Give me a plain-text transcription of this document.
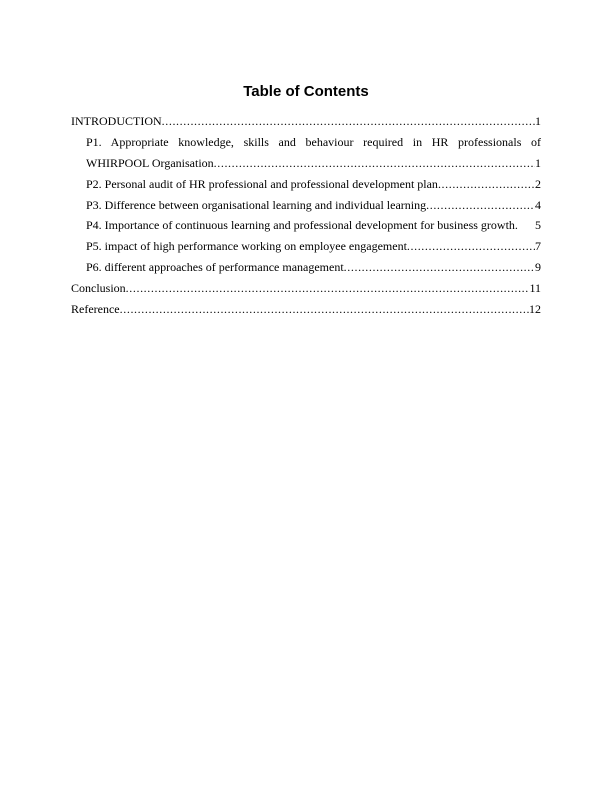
Table of Contents
INTRODUCTION .....	1
P1. Appropriate knowledge, skills and behaviour required in HR professionals of
WHIRPOOL Organisation .....	1
P2. Personal audit of HR professional and professional development plan .....	2
P3. Difference between organisational learning and individual learning .....	4
P4. Importance of continuous learning and professional development for business growth. 5
P5. impact of high performance working on employee engagement .....	7
P6. different approaches of performance management .....	9
Conclusion .....	11
Reference .....	12
